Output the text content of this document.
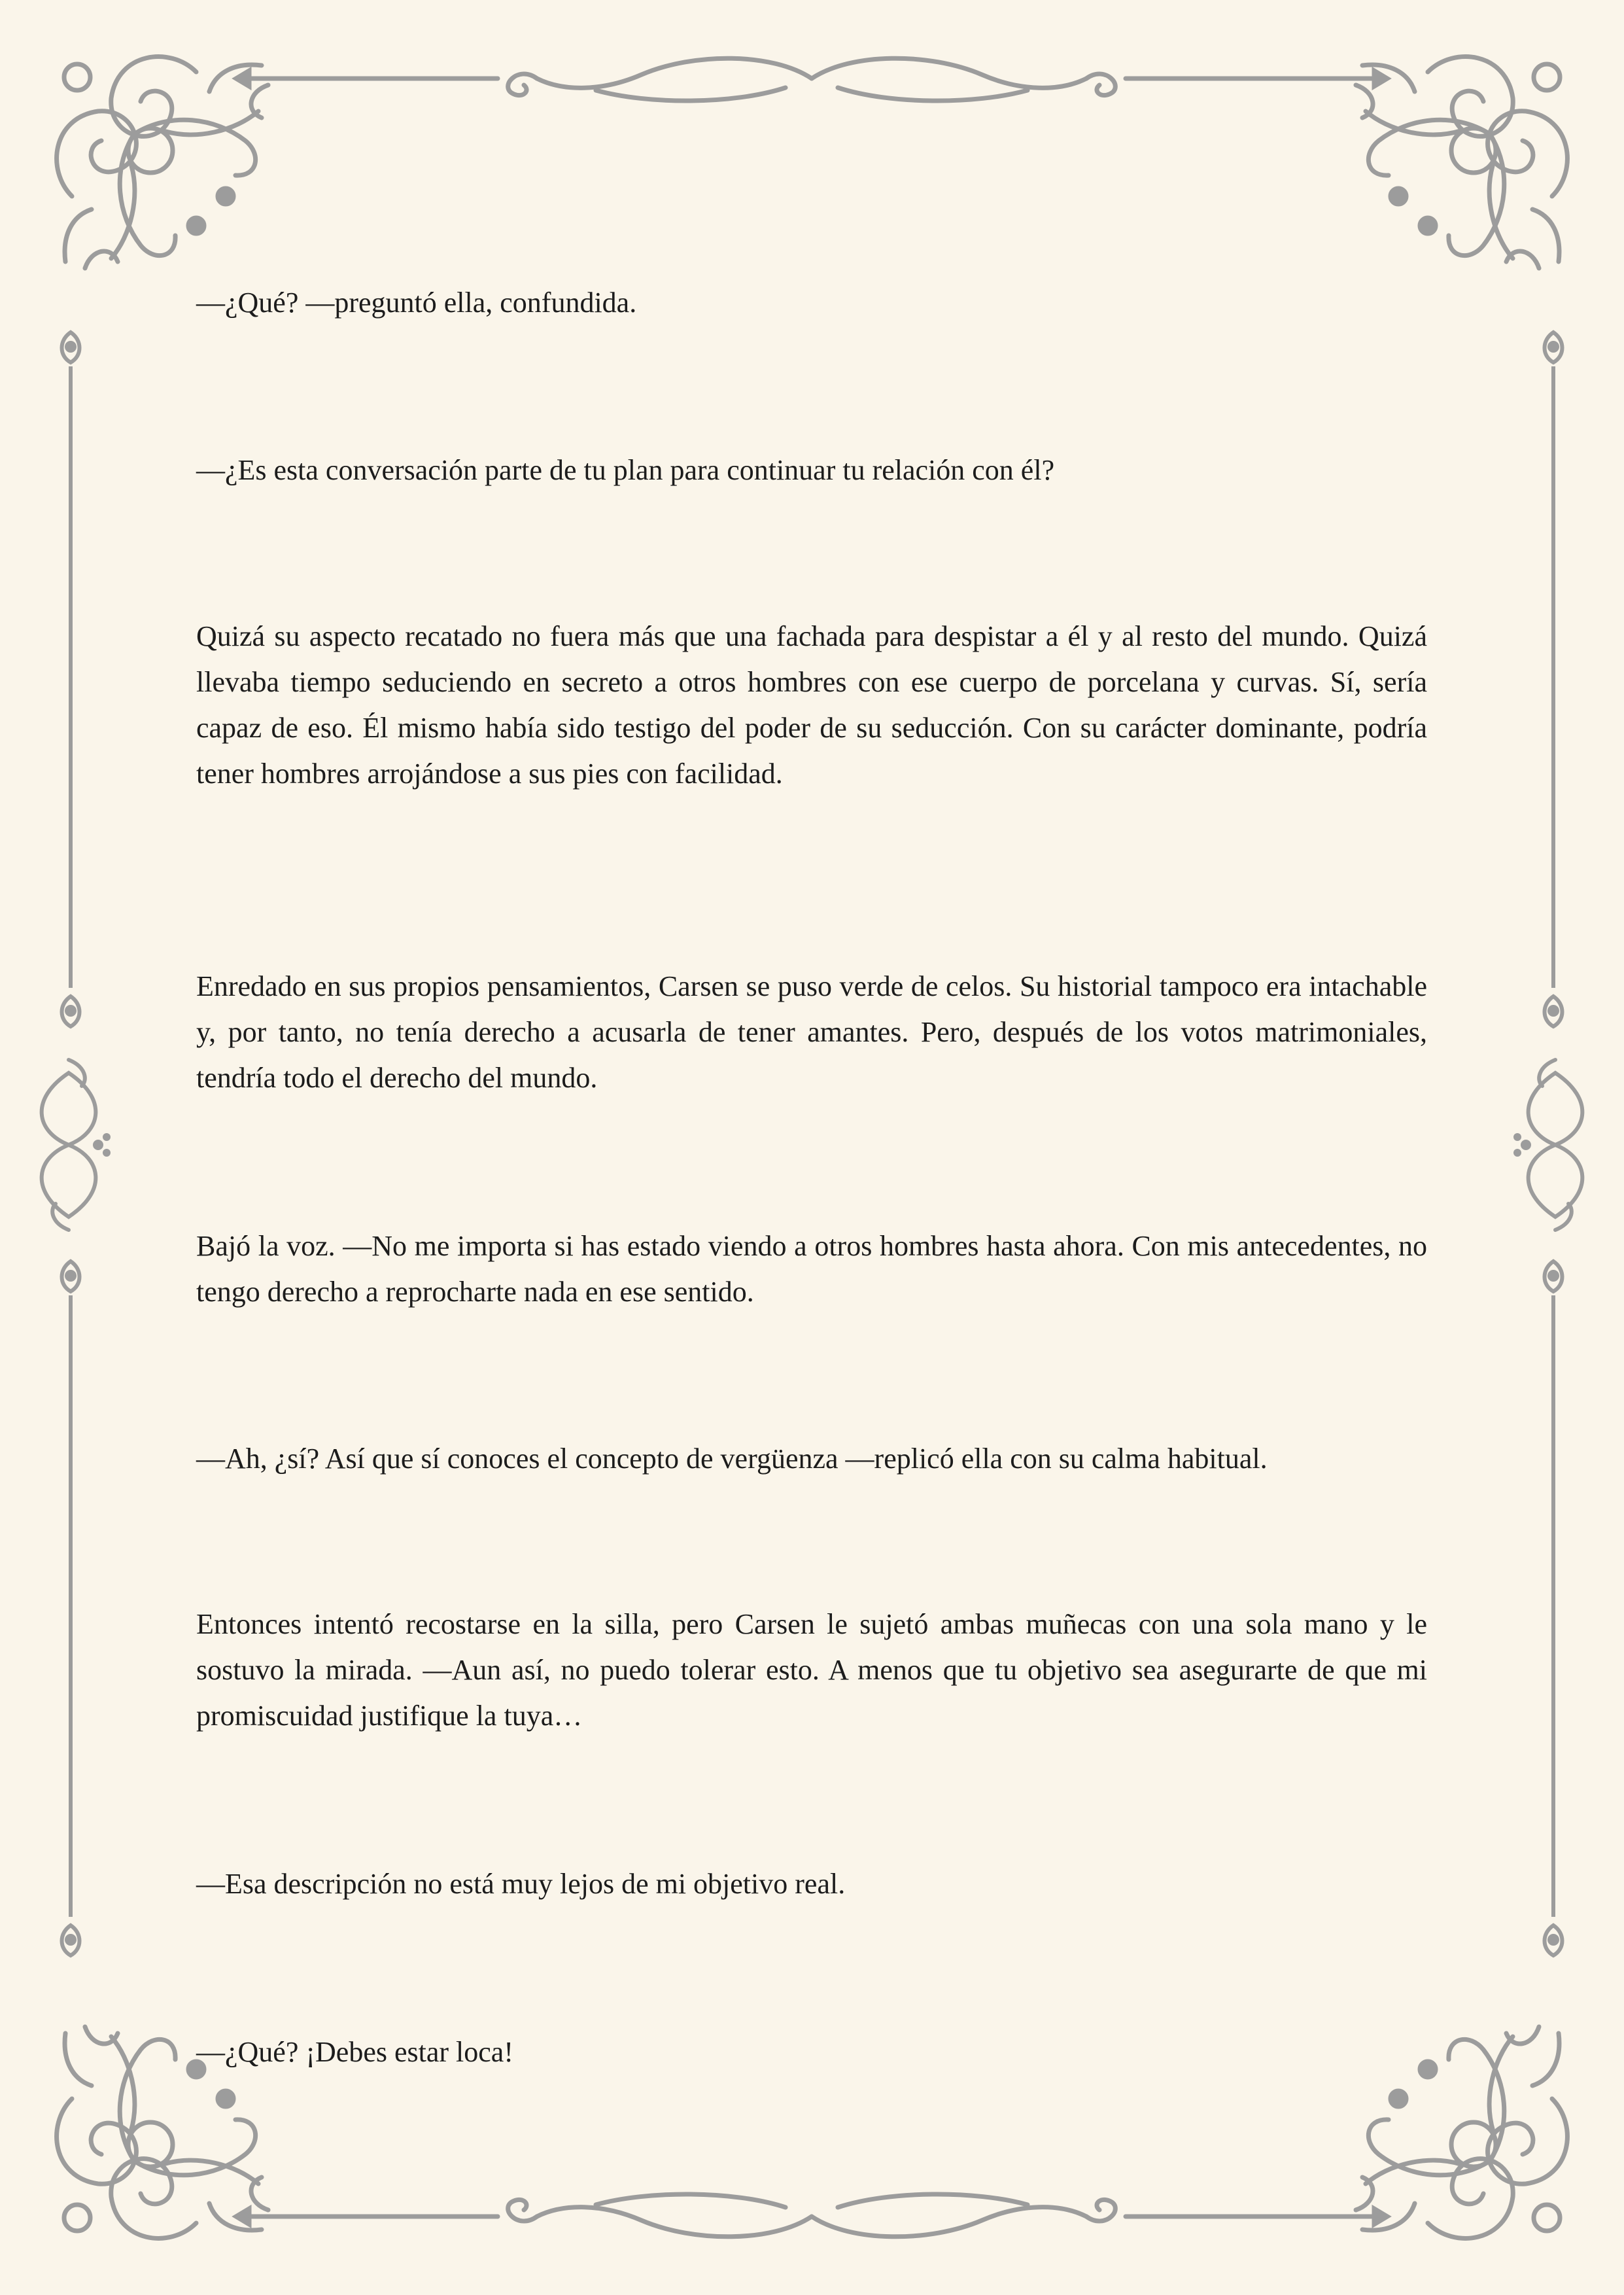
—¿Qué? —preguntó ella, confundida.

—¿Es esta conversación parte de tu plan para continuar tu relación con él?

Quizá su aspecto recatado no fuera más que una fachada para despistar a él y al resto del mundo. Quizá llevaba tiempo seduciendo en secreto a otros hombres con ese cuerpo de porcelana y curvas. Sí, sería capaz de eso. Él mismo había sido testigo del poder de su seducción. Con su carácter dominante, podría tener hombres arrojándose a sus pies con facilidad.

Enredado en sus propios pensamientos, Carsen se puso verde de celos. Su historial tampoco era intachable y, por tanto, no tenía derecho a acusarla de tener amantes. Pero, después de los votos matrimoniales, tendría todo el derecho del mundo.

Bajó la voz. —No me importa si has estado viendo a otros hombres hasta ahora. Con mis antecedentes, no tengo derecho a reprocharte nada en ese sentido.

—Ah, ¿sí? Así que sí conoces el concepto de vergüenza —replicó ella con su calma habitual.

Entonces intentó recostarse en la silla, pero Carsen le sujetó ambas muñecas con una sola mano y le sostuvo la mirada. —Aun así, no puedo tolerar esto. A menos que tu objetivo sea asegurarte de que mi promiscuidad justifique la tuya…

—Esa descripción no está muy lejos de mi objetivo real.

—¿Qué? ¡Debes estar loca!
